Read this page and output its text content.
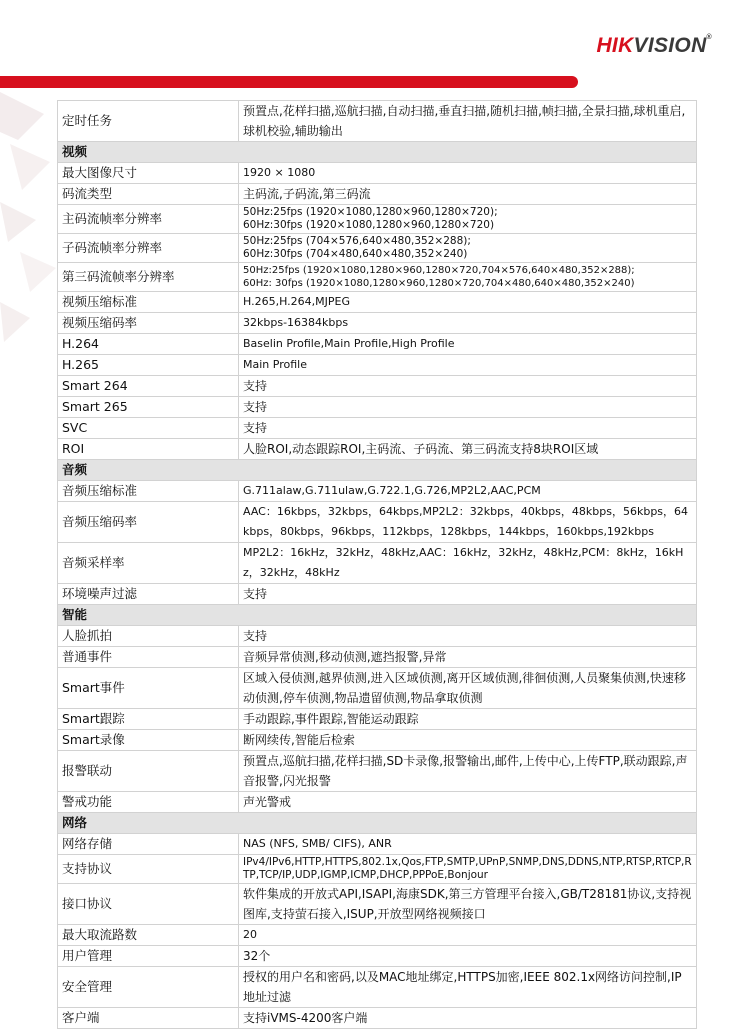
HIKVISION®
定时任务	预置点,花样扫描,巡航扫描,自动扫描,垂直扫描,随机扫描,帧扫描,全景扫描,球机重启,球机校验,辅助输出
视频	
最大图像尺寸	1920 × 1080
码流类型	主码流,子码流,第三码流
主码流帧率分辨率	50Hz:25fps (1920×1080,1280×960,1280×720);
60Hz:30fps (1920×1080,1280×960,1280×720)
子码流帧率分辨率	50Hz:25fps (704×576,640×480,352×288);
60Hz:30fps (704×480,640×480,352×240)
第三码流帧率分辨率	50Hz:25fps (1920×1080,1280×960,1280×720,704×576,640×480,352×288);
60Hz: 30fps (1920×1080,1280×960,1280×720,704×480,640×480,352×240)
视频压缩标准	H.265,H.264,MJPEG
视频压缩码率	32kbps-16384kbps
H.264	Baselin Profile,Main Profile,High Profile
H.265	Main Profile
Smart 264	支持
Smart 265	支持
SVC	支持
ROI	人脸ROI,动态跟踪ROI,主码流、子码流、第三码流支持8块ROI区域
音频	
音频压缩标准	G.711alaw,G.711ulaw,G.722.1,G.726,MP2L2,AAC,PCM
音频压缩码率	AAC：16kbps，32kbps，64kbps,MP2L2：32kbps，40kbps，48kbps，56kbps，64kbps，80kbps，96kbps，112kbps，128kbps，144kbps，160kbps,192kbps
音频采样率	MP2L2：16kHz，32kHz，48kHz,AAC：16kHz，32kHz，48kHz,PCM：8kHz，16kHz，32kHz，48kHz
环境噪声过滤	支持
智能	
人脸抓拍	支持
普通事件	音频异常侦测,移动侦测,遮挡报警,异常
Smart事件	区域入侵侦测,越界侦测,进入区域侦测,离开区域侦测,徘徊侦测,人员聚集侦测,快速移动侦测,停车侦测,物品遗留侦测,物品拿取侦测
Smart跟踪	手动跟踪,事件跟踪,智能运动跟踪
Smart录像	断网续传,智能后检索
报警联动	预置点,巡航扫描,花样扫描,SD卡录像,报警输出,邮件,上传中心,上传FTP,联动跟踪,声音报警,闪光报警
警戒功能	声光警戒
网络	
网络存储	NAS (NFS, SMB/ CIFS), ANR
支持协议	IPv4/IPv6,HTTP,HTTPS,802.1x,Qos,FTP,SMTP,UPnP,SNMP,DNS,DDNS,NTP,RTSP,RTCP,RTP,TCP/IP,UDP,IGMP,ICMP,DHCP,PPPoE,Bonjour
接口协议	软件集成的开放式API,ISAPI,海康SDK,第三方管理平台接入,GB/T28181协议,支持视图库,支持萤石接入,ISUP,开放型网络视频接口
最大取流路数	20
用户管理	32个
安全管理	授权的用户名和密码,以及MAC地址绑定,HTTPS加密,IEEE 802.1x网络访问控制,IP地址过滤
客户端	支持iVMS-4200客户端
